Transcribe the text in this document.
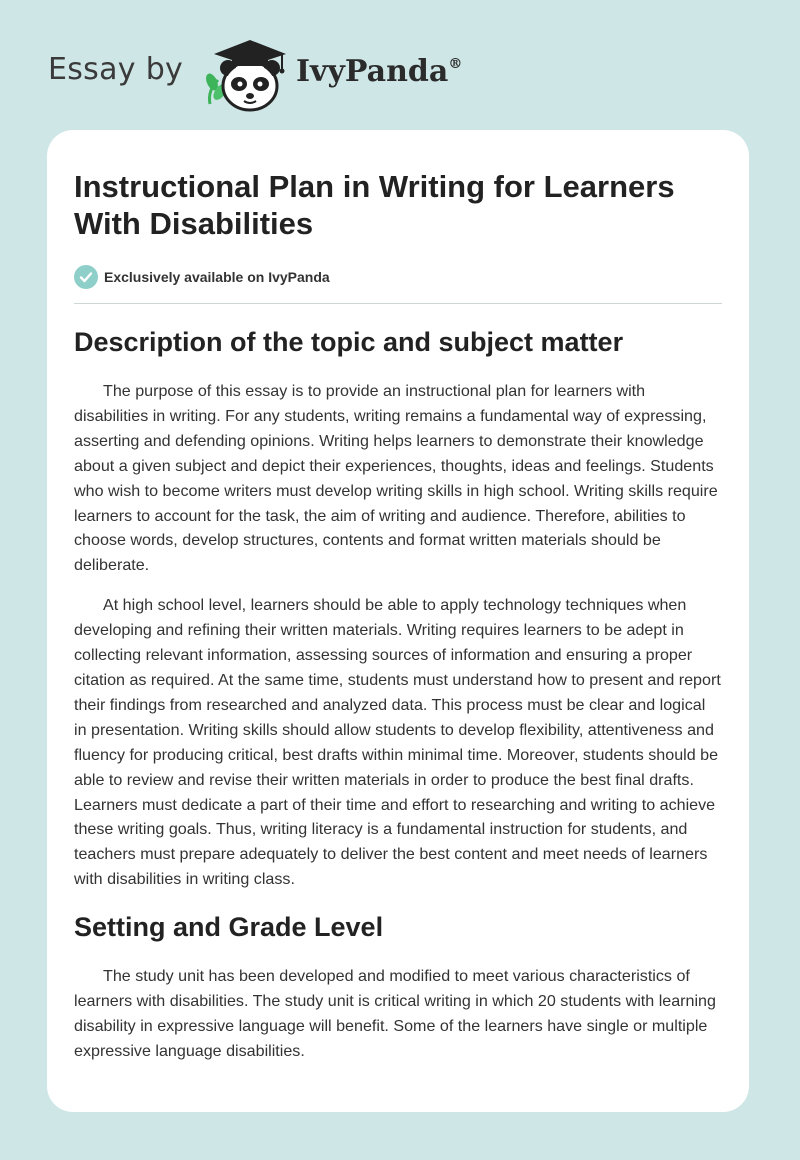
Essay by	IvyPanda®
Instructional Plan in Writing for Learners With Disabilities
Exclusively available on IvyPanda
Description of the topic and subject matter

The purpose of this essay is to provide an instructional plan for learners with disabilities in writing. For any students, writing remains a fundamental way of expressing, asserting and defending opinions. Writing helps learners to demonstrate their knowledge about a given subject and depict their experiences, thoughts, ideas and feelings. Students who wish to become writers must develop writing skills in high school. Writing skills require learners to account for the task, the aim of writing and audience. Therefore, abilities to choose words, develop structures, contents and format written materials should be deliberate.

At high school level, learners should be able to apply technology techniques when developing and refining their written materials. Writing requires learners to be adept in collecting relevant information, assessing sources of information and ensuring a proper citation as required. At the same time, students must understand how to present and report their findings from researched and analyzed data. This process must be clear and logical in presentation. Writing skills should allow students to develop flexibility, attentiveness and fluency for producing critical, best drafts within minimal time. Moreover, students should be able to review and revise their written materials in order to produce the best final drafts. Learners must dedicate a part of their time and effort to researching and writing to achieve these writing goals. Thus, writing literacy is a fundamental instruction for students, and teachers must prepare adequately to deliver the best content and meet needs of learners with disabilities in writing class.

Setting and Grade Level

The study unit has been developed and modified to meet various characteristics of learners with disabilities. The study unit is critical writing in which 20 students with learning disability in expressive language will benefit. Some of the learners have single or multiple expressive language disabilities.
